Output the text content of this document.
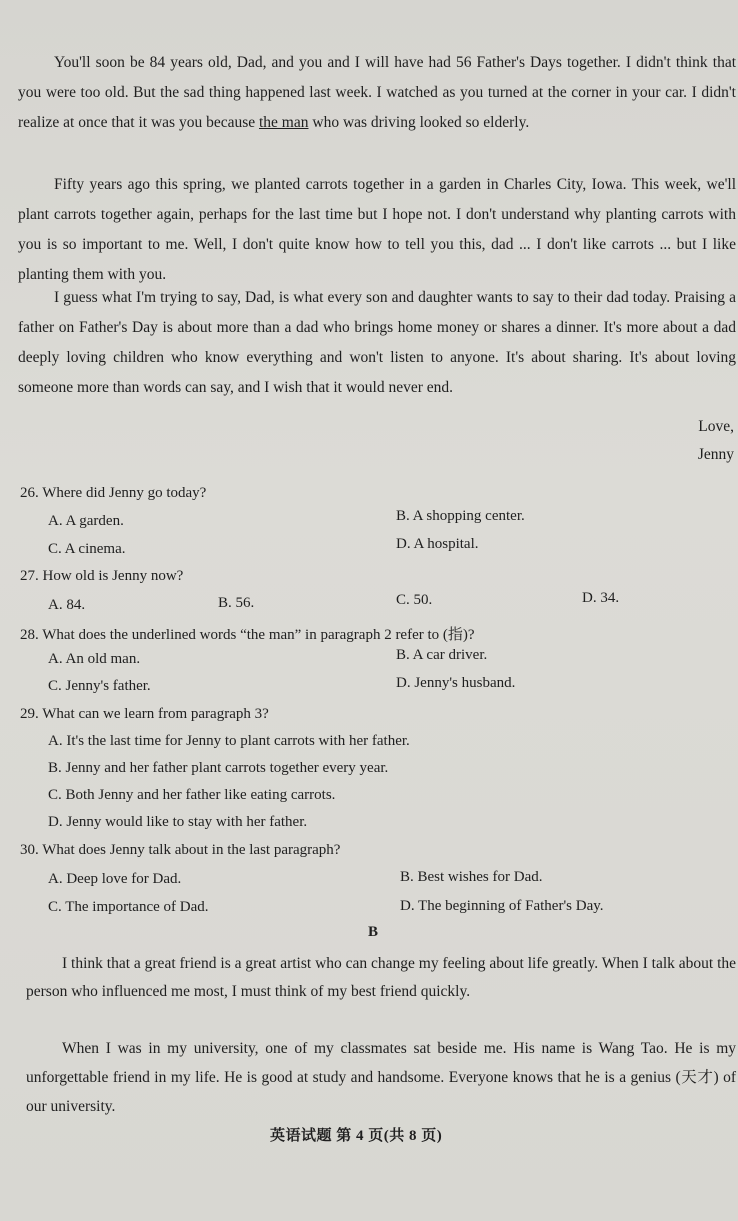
You'll soon be 84 years old, Dad, and you and I will have had 56 Father's Days together. I didn't think that you were too old. But the sad thing happened last week. I watched as you turned at the corner in your car. I didn't realize at once that it was you because the man who was driving looked so elderly.

Fifty years ago this spring, we planted carrots together in a garden in Charles City, Iowa. This week, we'll plant carrots together again, perhaps for the last time but I hope not. I don't understand why planting carrots with you is so important to me. Well, I don't quite know how to tell you this, dad ... I don't like carrots ... but I like planting them with you.

I guess what I'm trying to say, Dad, is what every son and daughter wants to say to their dad today. Praising a father on Father's Day is about more than a dad who brings home money or shares a dinner. It's more about a dad deeply loving children who know everything and won't listen to anyone. It's about sharing. It's about loving someone more than words can say, and I wish that it would never end.

Love,
Jenny
26. Where did Jenny go today?
A. A garden.	B. A shopping center.
C. A cinema.	D. A hospital.
27. How old is Jenny now?
A. 84.	B. 56.	C. 50.	D. 34.
28. What does the underlined words “the man” in paragraph 2 refer to (指)?
A. An old man.	B. A car driver.
C. Jenny's father.	D. Jenny's husband.
29. What can we learn from paragraph 3?
A. It's the last time for Jenny to plant carrots with her father.
B. Jenny and her father plant carrots together every year.
C. Both Jenny and her father like eating carrots.
D. Jenny would like to stay with her father.
30. What does Jenny talk about in the last paragraph?
A. Deep love for Dad.	B. Best wishes for Dad.
C. The importance of Dad.	D. The beginning of Father's Day.
B

I think that a great friend is a great artist who can change my feeling about life greatly. When I talk about the person who influenced me most, I must think of my best friend quickly.

When I was in my university, one of my classmates sat beside me. His name is Wang Tao. He is my unforgettable friend in my life. He is good at study and handsome. Everyone knows that he is a genius (天才) of our university.

英语试题 第 4 页(共 8 页)
